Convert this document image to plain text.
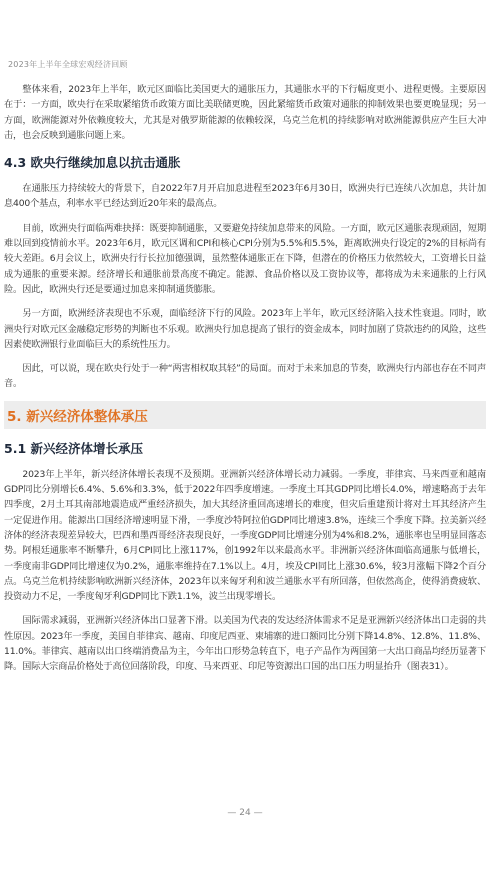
2023年上半年全球宏观经济回顾

整体来看，2023年上半年，欧元区面临比美国更大的通胀压力，其通胀水平的下行幅度更小、进程更慢。主要原因在于：一方面，欧央行在采取紧缩货币政策方面比美联储更晚，因此紧缩货币政策对通胀的抑制效果也要更晚显现；另一方面，欧洲能源对外依赖度较大，尤其是对俄罗斯能源的依赖较深，乌克兰危机的持续影响对欧洲能源供应产生巨大冲击，也会反映到通胀问题上来。

4.3 欧央行继续加息以抗击通胀

在通胀压力持续较大的背景下，自2022年7月开启加息进程至2023年6月30日，欧洲央行已连续八次加息，共计加息400个基点，利率水平已经达到近20年来的最高点。

目前，欧洲央行面临两难抉择：既要抑制通胀，又要避免持续加息带来的风险。一方面，欧元区通胀表现顽固，短期难以回到疫情前水平。2023年6月，欧元区调和CPI和核心CPI分别为5.5%和5.5%，距离欧洲央行设定的2%的目标尚有较大差距。6月会议上，欧洲央行行长拉加德强调，虽然整体通胀正在下降，但潜在的价格压力依然较大，工资增长日益成为通胀的重要来源。经济增长和通胀前景高度不确定。能源、食品价格以及工资协议等，都将成为未来通胀的上行风险。因此，欧洲央行还是要通过加息来抑制通货膨胀。

另一方面，欧洲经济表现也不乐观，面临经济下行的风险。2023年上半年，欧元区经济陷入技术性衰退。同时，欧洲央行对欧元区金融稳定形势的判断也不乐观。欧洲央行加息提高了银行的资金成本，同时加剧了贷款违约的风险，这些因素使欧洲银行业面临巨大的系统性压力。

因此，可以说，现在欧央行处于一种“两害相权取其轻”的局面。而对于未来加息的节奏，欧洲央行内部也存在不同声音。

5. 新兴经济体整体承压
5.1 新兴经济体增长承压

2023年上半年，新兴经济体增长表现不及预期。亚洲新兴经济体增长动力减弱。一季度，菲律宾、马来西亚和越南GDP同比分别增长6.4%、5.6%和3.3%，低于2022年四季度增速。一季度土耳其GDP同比增长4.0%，增速略高于去年四季度，2月土耳其南部地震造成严重经济损失，加大其经济重回高速增长的难度，但灾后重建预计将对土耳其经济产生一定促进作用。能源出口国经济增速明显下滑，一季度沙特阿拉伯GDP同比增速3.8%，连续三个季度下降。拉美新兴经济体的经济表现差异较大，巴西和墨西哥经济表现良好，一季度GDP同比增速分别为4%和8.2%，通胀率也呈明显回落态势。阿根廷通胀率不断攀升，6月CPI同比上涨117%，创1992年以来最高水平。非洲新兴经济体面临高通胀与低增长，一季度南非GDP同比增速仅为0.2%，通胀率维持在7.1%以上。4月，埃及CPI同比上涨30.6%，较3月涨幅下降2个百分点。乌克兰危机持续影响欧洲新兴经济体，2023年以来匈牙利和波兰通胀水平有所回落，但依然高企，使得消费疲软、投资动力不足，一季度匈牙利GDP同比下跌1.1%，波兰出现零增长。

国际需求减弱，亚洲新兴经济体出口显著下滑。以美国为代表的发达经济体需求不足是亚洲新兴经济体出口走弱的共性原因。2023年一季度，美国自菲律宾、越南、印度尼西亚、柬埔寨的进口额同比分别下降14.8%、12.8%、11.8%、11.0%。菲律宾、越南以出口终端消费品为主，今年出口形势急转直下，电子产品作为两国第一大出口商品均经历显著下降。国际大宗商品价格处于高位回落阶段，印度、马来西亚、印尼等资源出口国的出口压力明显抬升（图表31）。

— 24 —
